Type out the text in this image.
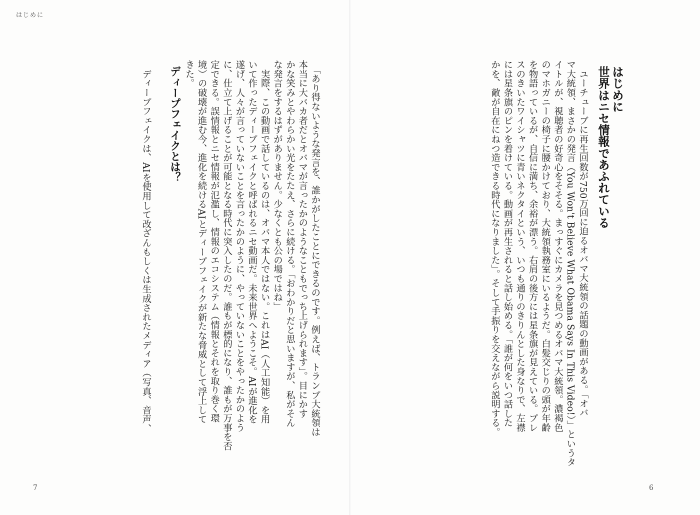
はじめに
はじめに
世界はニセ情報であふれている
　ユーチューブに再生回数が750万回に迫るオバマ大統領の話題の動画がある。「オバ
マ大統領、まさかの発言（You Won't Believe What Obama Says In This Video!）」というタ
イトルが、視聴者の好奇心をそそる。まっすぐにカメラを見つめるオバマ大統領。濃褐色
のマホガニーの椅子に腰かけており、大統領執務室にいるようだ。白髪交じりの頭が年齢
を物語っているが、自信に満ち、余裕が漂う。右肩の後方には星条旗が見えている。プレ
スのきいたワイシャツに青いネクタイという、いつも通りのきりんとした身なりで、左襟
には星条旗のピンを着けている。動画が再生されると話し始める。「誰が何をいつ話した
かを、敵が自在にねつ造できる時代になりました」。そして手振りを交えながら説明する。
　「あり得ないような発言を、誰かがしたことにできるのです。例えば、トランプ大統領は
本当に大バカ者だとオバマが言ったかのようなこともでっち上げられます」。目にかす
かな笑みとやわらかい光をたたえ、さらに続ける。「おわかりだと思いますが、私がそん
な発言をするはずがありません。少なくとも公の場ではね」
　実際、この動画で話しているのは、オバマ本人ではない。これはAI（人工知能）を用
いて作ったディープフェイクと呼ばれるニセ動画だ。未来世界へようこそ。AIが進化を
遂げ、人々が言っていないことを言ったかのように、やっていないことをやったかのよう
に、仕立て上げることが可能となる時代に突入したのだ。誰もが標的になり、誰もが万事を否
定できる。誤情報とニセ情報が氾濫し、情報のエコシステム（情報とそれを取り巻く環
境）の破壊が進む今、進化を続けるAIとディープフェイクが新たな脅威として浮上して
きた。
ディープフェイクとは？
　ディープフェイクは、AIを使用して改ざんもしくは生成されたメディア（写真、音声、
7	6
